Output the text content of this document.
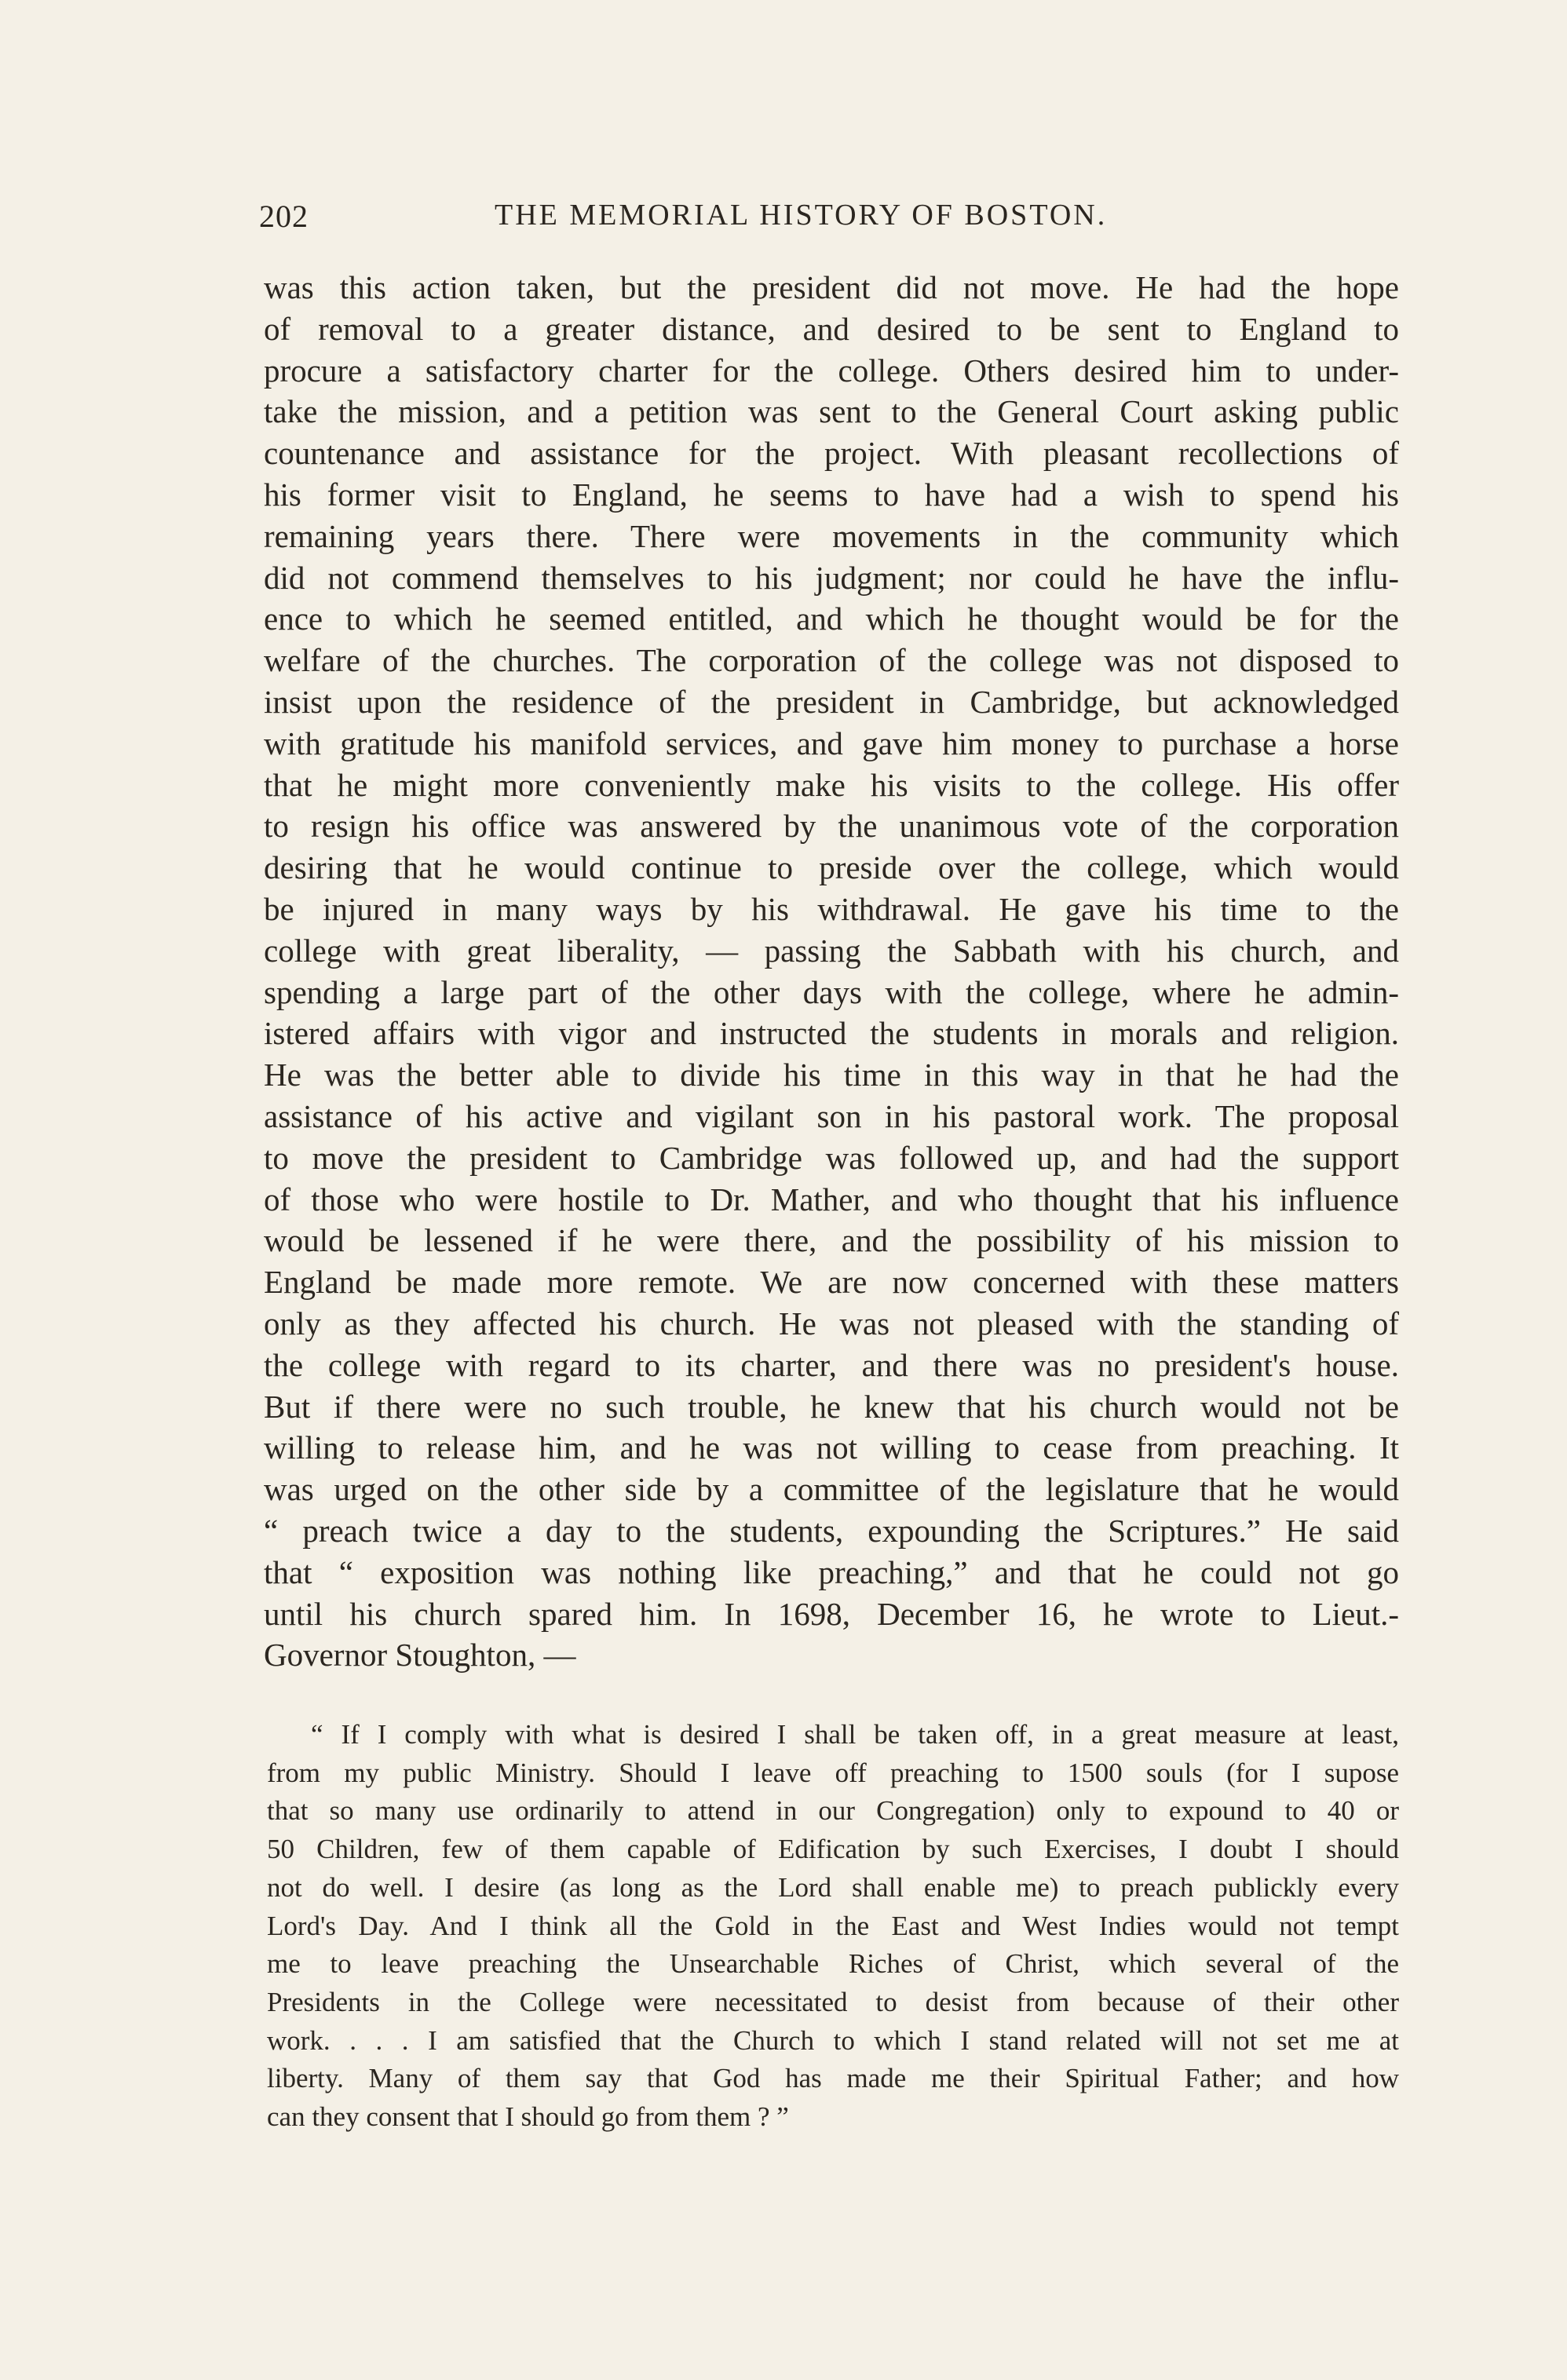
202	THE MEMORIAL HISTORY OF BOSTON.
was this action taken, but the president did not move. He had the hope
of removal to a greater distance, and desired to be sent to England to
procure a satisfactory charter for the college. Others desired him to under-
take the mission, and a petition was sent to the General Court asking public
countenance and assistance for the project. With pleasant recollections of
his former visit to England, he seems to have had a wish to spend his
remaining years there. There were movements in the community which
did not commend themselves to his judgment; nor could he have the influ-
ence to which he seemed entitled, and which he thought would be for the
welfare of the churches. The corporation of the college was not disposed to
insist upon the residence of the president in Cambridge, but acknowledged
with gratitude his manifold services, and gave him money to purchase a horse
that he might more conveniently make his visits to the college. His offer
to resign his office was answered by the unanimous vote of the corporation
desiring that he would continue to preside over the college, which would
be injured in many ways by his withdrawal. He gave his time to the
college with great liberality, — passing the Sabbath with his church, and
spending a large part of the other days with the college, where he admin-
istered affairs with vigor and instructed the students in morals and religion.
He was the better able to divide his time in this way in that he had the
assistance of his active and vigilant son in his pastoral work. The proposal
to move the president to Cambridge was followed up, and had the support
of those who were hostile to Dr. Mather, and who thought that his influence
would be lessened if he were there, and the possibility of his mission to
England be made more remote. We are now concerned with these matters
only as they affected his church. He was not pleased with the standing of
the college with regard to its charter, and there was no president's house.
But if there were no such trouble, he knew that his church would not be
willing to release him, and he was not willing to cease from preaching. It
was urged on the other side by a committee of the legislature that he would
“ preach twice a day to the students, expounding the Scriptures.” He said
that “ exposition was nothing like preaching,” and that he could not go
until his church spared him. In 1698, December 16, he wrote to Lieut.-
Governor Stoughton, —
“ If I comply with what is desired I shall be taken off, in a great measure at least,
from my public Ministry. Should I leave off preaching to 1500 souls (for I supose
that so many use ordinarily to attend in our Congregation) only to expound to 40 or
50 Children, few of them capable of Edification by such Exercises, I doubt I should
not do well. I desire (as long as the Lord shall enable me) to preach publickly every
Lord's Day. And I think all the Gold in the East and West Indies would not tempt
me to leave preaching the Unsearchable Riches of Christ, which several of the
Presidents in the College were necessitated to desist from because of their other
work. . . . I am satisfied that the Church to which I stand related will not set me at
liberty. Many of them say that God has made me their Spiritual Father; and how
can they consent that I should go from them ? ”
